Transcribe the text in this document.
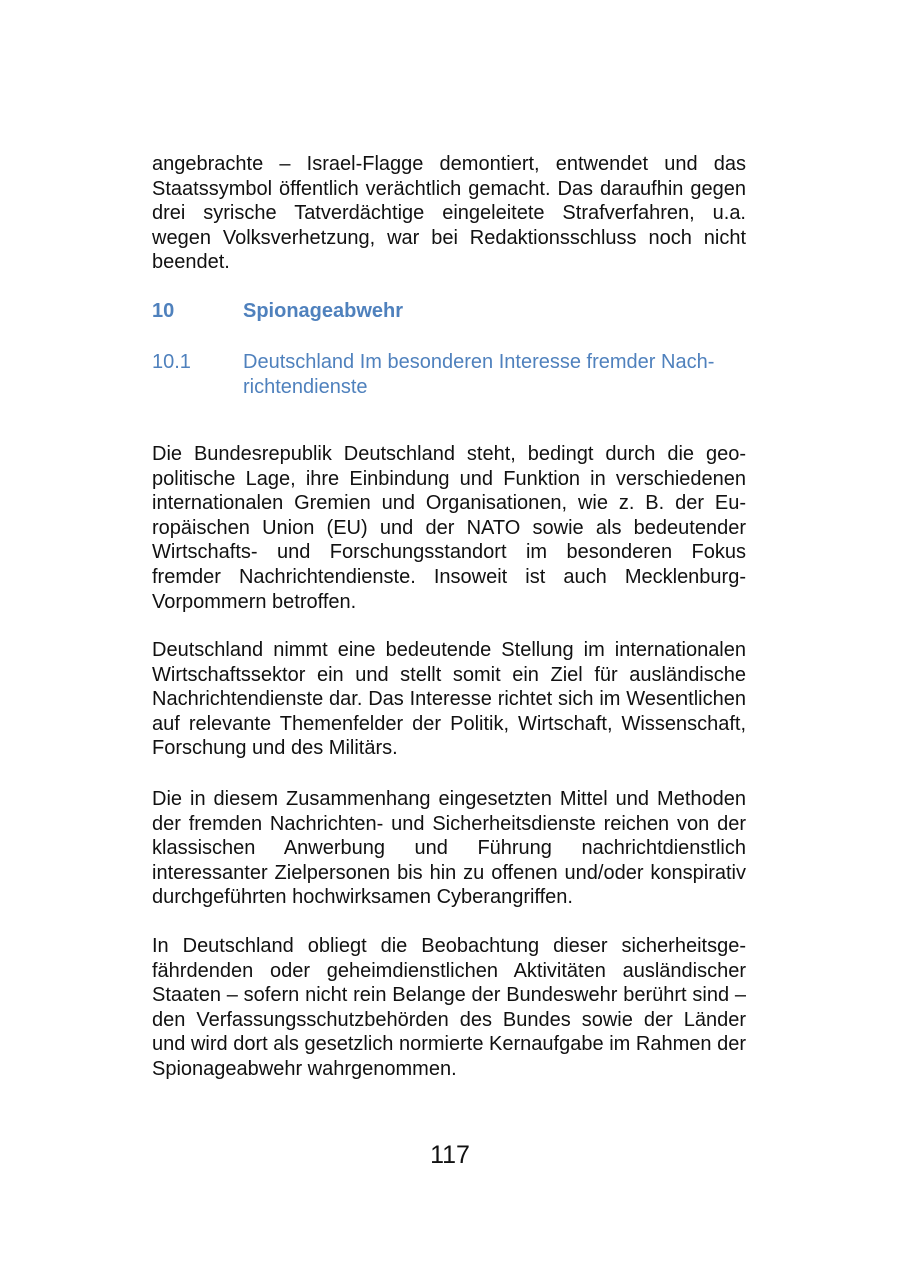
angebrachte – Israel-Flagge demontiert, entwendet und das Staatssymbol öffentlich verächtlich gemacht. Das daraufhin gegen drei syrische Tatverdächtige eingeleitete Strafverfahren, u.a. wegen Volksverhetzung, war bei Redaktionsschluss noch nicht beendet.

10	Spionageabwehr
10.1	Deutschland Im besonderen Interesse fremder Nachrichtendienste

Die Bundesrepublik Deutschland steht, bedingt durch die geopolitische Lage, ihre Einbindung und Funktion in verschiedenen internationalen Gremien und Organisationen, wie z. B. der Europäischen Union (EU) und der NATO sowie als bedeutender Wirtschafts- und Forschungsstandort im besonderen Fokus fremder Nachrichtendienste. Insoweit ist auch Mecklenburg-Vorpommern betroffen.

Deutschland nimmt eine bedeutende Stellung im internationalen Wirtschaftssektor ein und stellt somit ein Ziel für ausländische Nachrichtendienste dar. Das Interesse richtet sich im Wesentlichen auf relevante Themenfelder der Politik, Wirtschaft, Wissenschaft, Forschung und des Militärs.

Die in diesem Zusammenhang eingesetzten Mittel und Methoden der fremden Nachrichten- und Sicherheitsdienste reichen von der klassischen Anwerbung und Führung nachrichtdienstlich interessanter Zielpersonen bis hin zu offenen und/oder konspirativ durchgeführten hochwirksamen Cyberangriffen.

In Deutschland obliegt die Beobachtung dieser sicherheitsgefährdenden oder geheimdienstlichen Aktivitäten ausländischer Staaten – sofern nicht rein Belange der Bundeswehr berührt sind – den Verfassungsschutzbehörden des Bundes sowie der Länder und wird dort als gesetzlich normierte Kernaufgabe im Rahmen der Spionageabwehr wahrgenommen.

117
